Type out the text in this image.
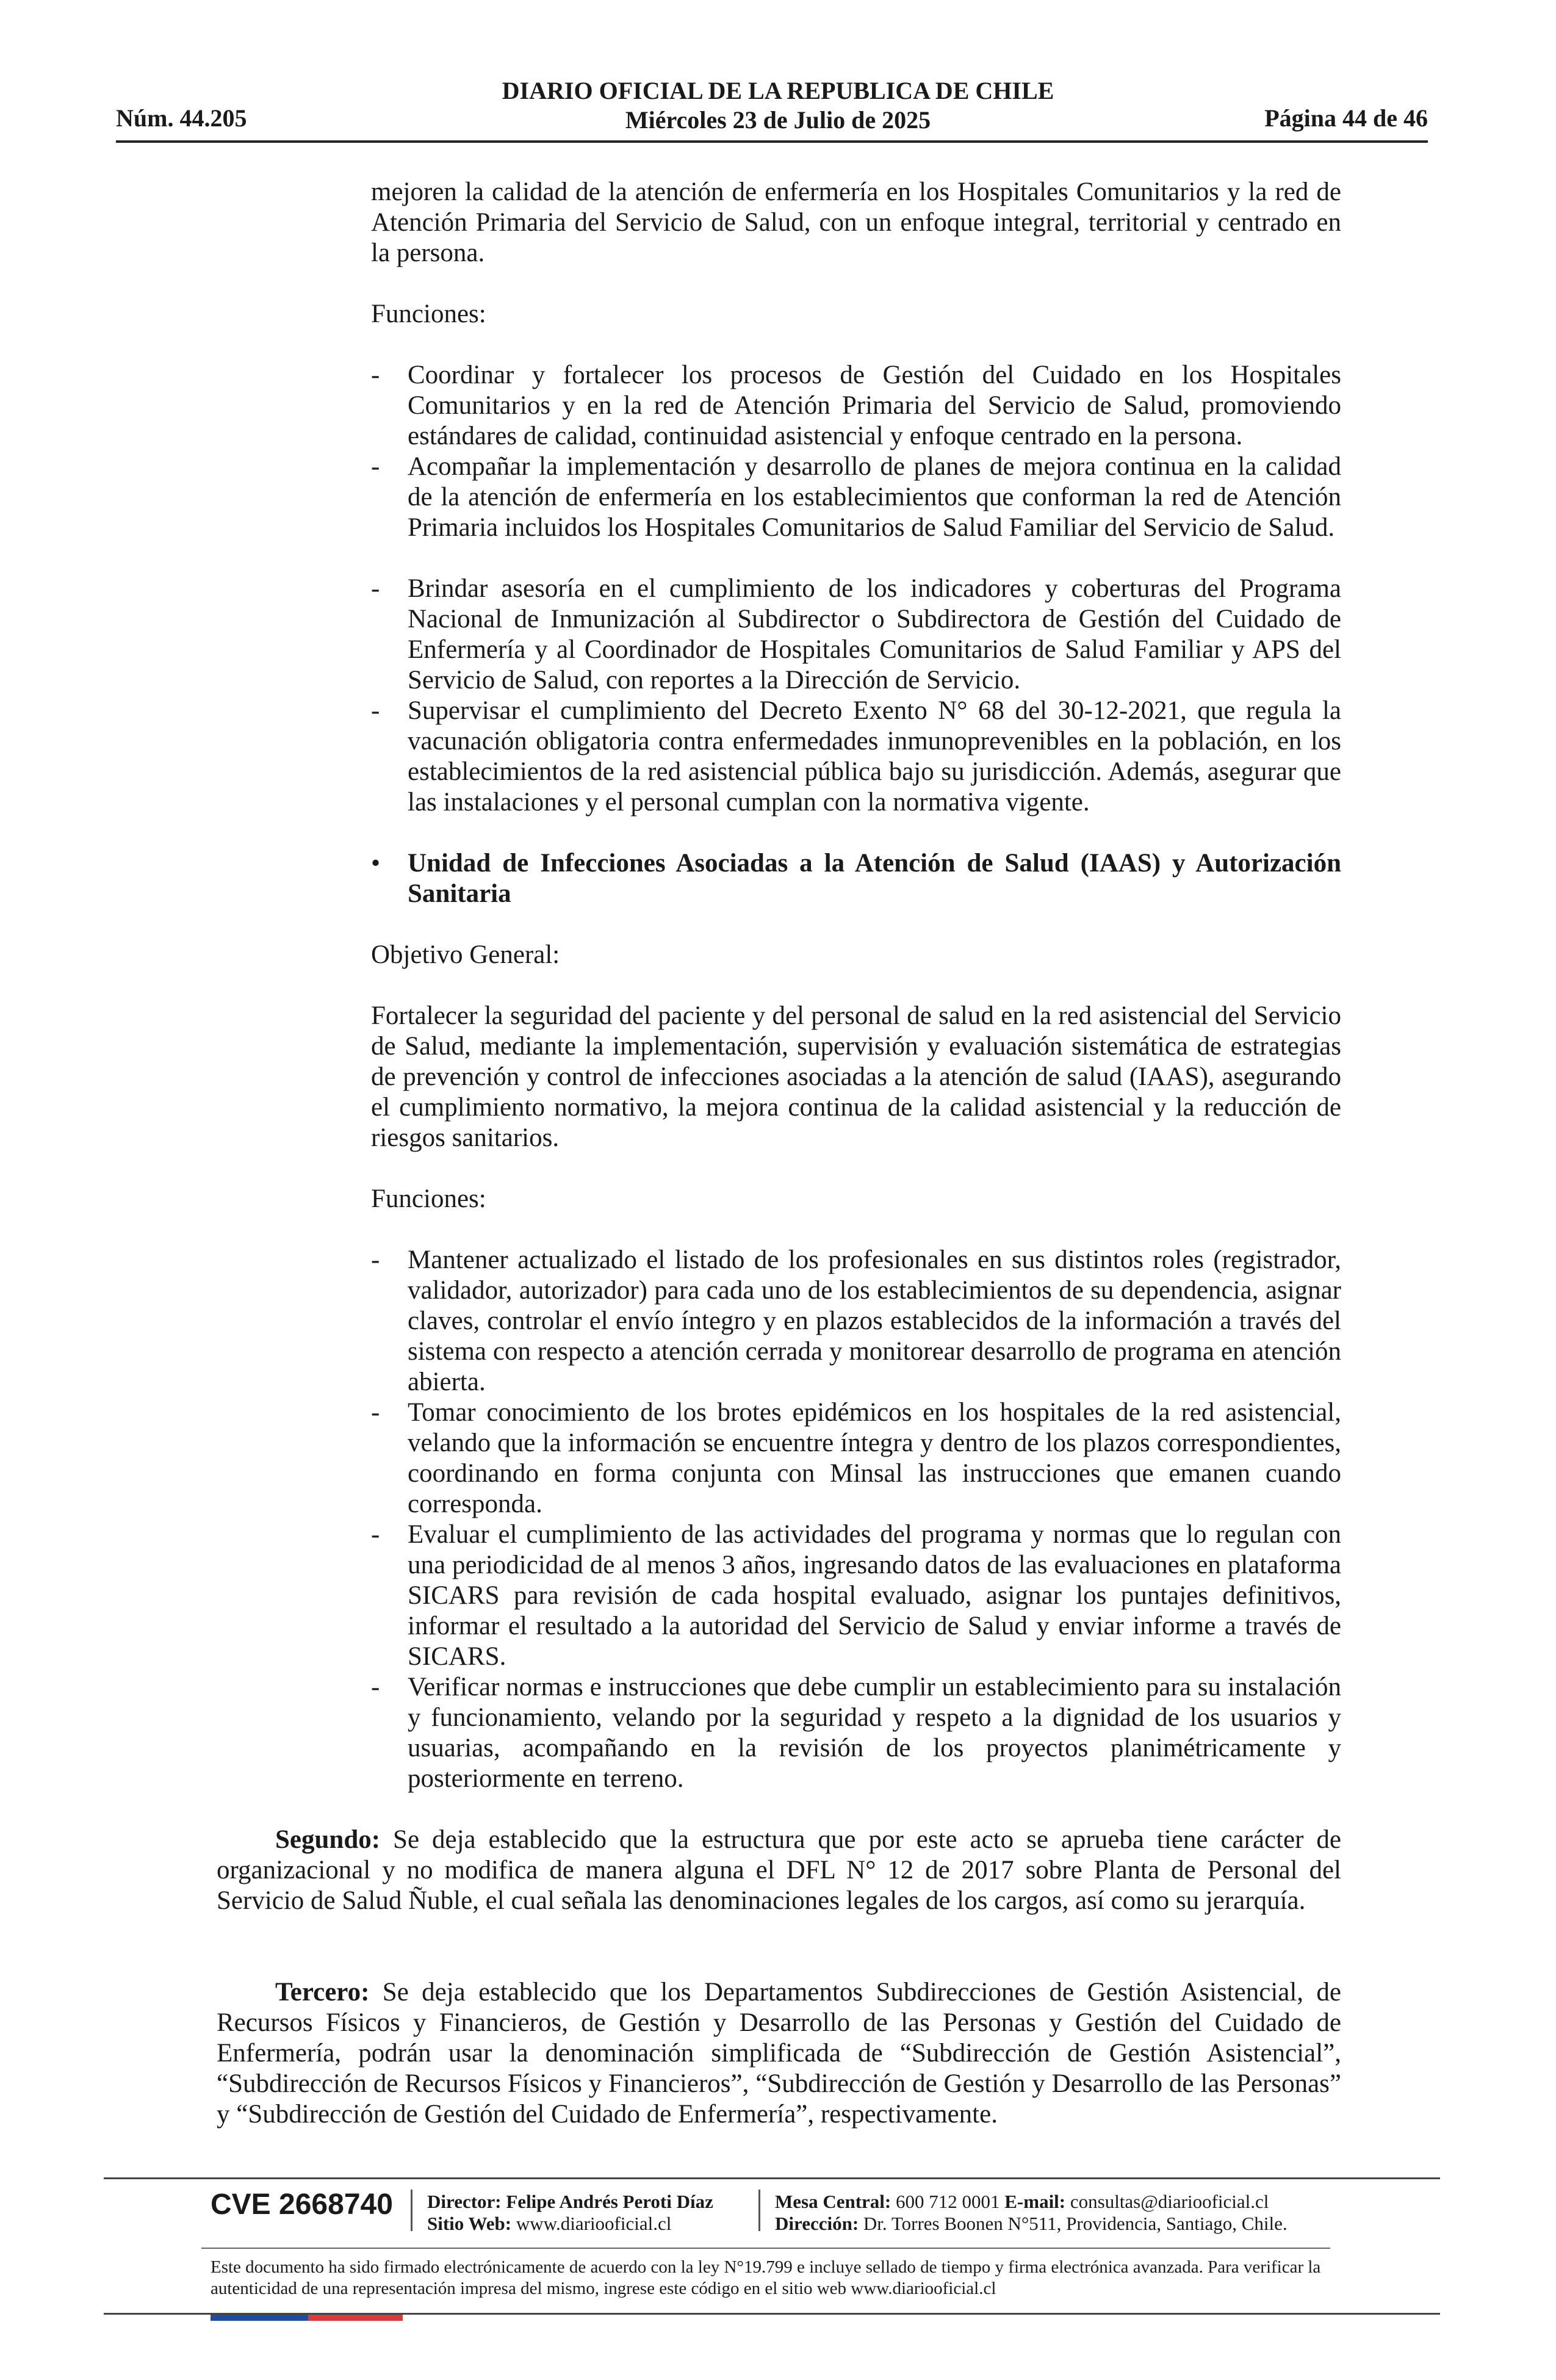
Núm. 44.205
DIARIO OFICIAL DE LA REPUBLICA DE CHILE
Miércoles 23 de Julio de 2025	Página 44 de 46
mejoren la calidad de la atención de enfermería en los Hospitales Comunitarios y la red de Atención Primaria del Servicio de Salud, con un enfoque integral, territorial y centrado en la persona.
Funciones:
- Coordinar y fortalecer los procesos de Gestión del Cuidado en los Hospitales Comunitarios y en la red de Atención Primaria del Servicio de Salud, promoviendo estándares de calidad, continuidad asistencial y enfoque centrado en la persona.
- Acompañar la implementación y desarrollo de planes de mejora continua en la calidad de la atención de enfermería en los establecimientos que conforman la red de Atención Primaria incluidos los Hospitales Comunitarios de Salud Familiar del Servicio de Salud.
- Brindar asesoría en el cumplimiento de los indicadores y coberturas del Programa Nacional de Inmunización al Subdirector o Subdirectora de Gestión del Cuidado de Enfermería y al Coordinador de Hospitales Comunitarios de Salud Familiar y APS del Servicio de Salud, con reportes a la Dirección de Servicio.
- Supervisar el cumplimiento del Decreto Exento N° 68 del 30-12-2021, que regula la vacunación obligatoria contra enfermedades inmunoprevenibles en la población, en los establecimientos de la red asistencial pública bajo su jurisdicción. Además, asegurar que las instalaciones y el personal cumplan con la normativa vigente.
• Unidad de Infecciones Asociadas a la Atención de Salud (IAAS) y Autorización Sanitaria
Objetivo General:
Fortalecer la seguridad del paciente y del personal de salud en la red asistencial del Servicio de Salud, mediante la implementación, supervisión y evaluación sistemática de estrategias de prevención y control de infecciones asociadas a la atención de salud (IAAS), asegurando el cumplimiento normativo, la mejora continua de la calidad asistencial y la reducción de riesgos sanitarios.
Funciones:
- Mantener actualizado el listado de los profesionales en sus distintos roles (registrador, validador, autorizador) para cada uno de los establecimientos de su dependencia, asignar claves, controlar el envío íntegro y en plazos establecidos de la información a través del sistema con respecto a atención cerrada y monitorear desarrollo de programa en atención abierta.
- Tomar conocimiento de los brotes epidémicos en los hospitales de la red asistencial, velando que la información se encuentre íntegra y dentro de los plazos correspondientes, coordinando en forma conjunta con Minsal las instrucciones que emanen cuando corresponda.
- Evaluar el cumplimiento de las actividades del programa y normas que lo regulan con una periodicidad de al menos 3 años, ingresando datos de las evaluaciones en plataforma SICARS para revisión de cada hospital evaluado, asignar los puntajes definitivos, informar el resultado a la autoridad del Servicio de Salud y enviar informe a través de SICARS.
- Verificar normas e instrucciones que debe cumplir un establecimiento para su instalación y funcionamiento, velando por la seguridad y respeto a la dignidad de los usuarios y usuarias, acompañando en la revisión de los proyectos planimétricamente y posteriormente en terreno.
Segundo: Se deja establecido que la estructura que por este acto se aprueba tiene carácter de organizacional y no modifica de manera alguna el DFL N° 12 de 2017 sobre Planta de Personal del Servicio de Salud Ñuble, el cual señala las denominaciones legales de los cargos, así como su jerarquía.
Tercero: Se deja establecido que los Departamentos Subdirecciones de Gestión Asistencial, de Recursos Físicos y Financieros, de Gestión y Desarrollo de las Personas y Gestión del Cuidado de Enfermería, podrán usar la denominación simplificada de “Subdirección de Gestión Asistencial”, “Subdirección de Recursos Físicos y Financieros”, “Subdirección de Gestión y Desarrollo de las Personas” y “Subdirección de Gestión del Cuidado de Enfermería”, respectivamente.
CVE 2668740 Director: Felipe Andrés Peroti Díaz
Sitio Web: www.diariooficial.cl
Mesa Central: 600 712 0001 E-mail: consultas@diariooficial.cl
Dirección: Dr. Torres Boonen N°511, Providencia, Santiago, Chile.
Este documento ha sido firmado electrónicamente de acuerdo con la ley N°19.799 e incluye sellado de tiempo y firma electrónica avanzada. Para verificar la autenticidad de una representación impresa del mismo, ingrese este código en el sitio web www.diariooficial.cl
